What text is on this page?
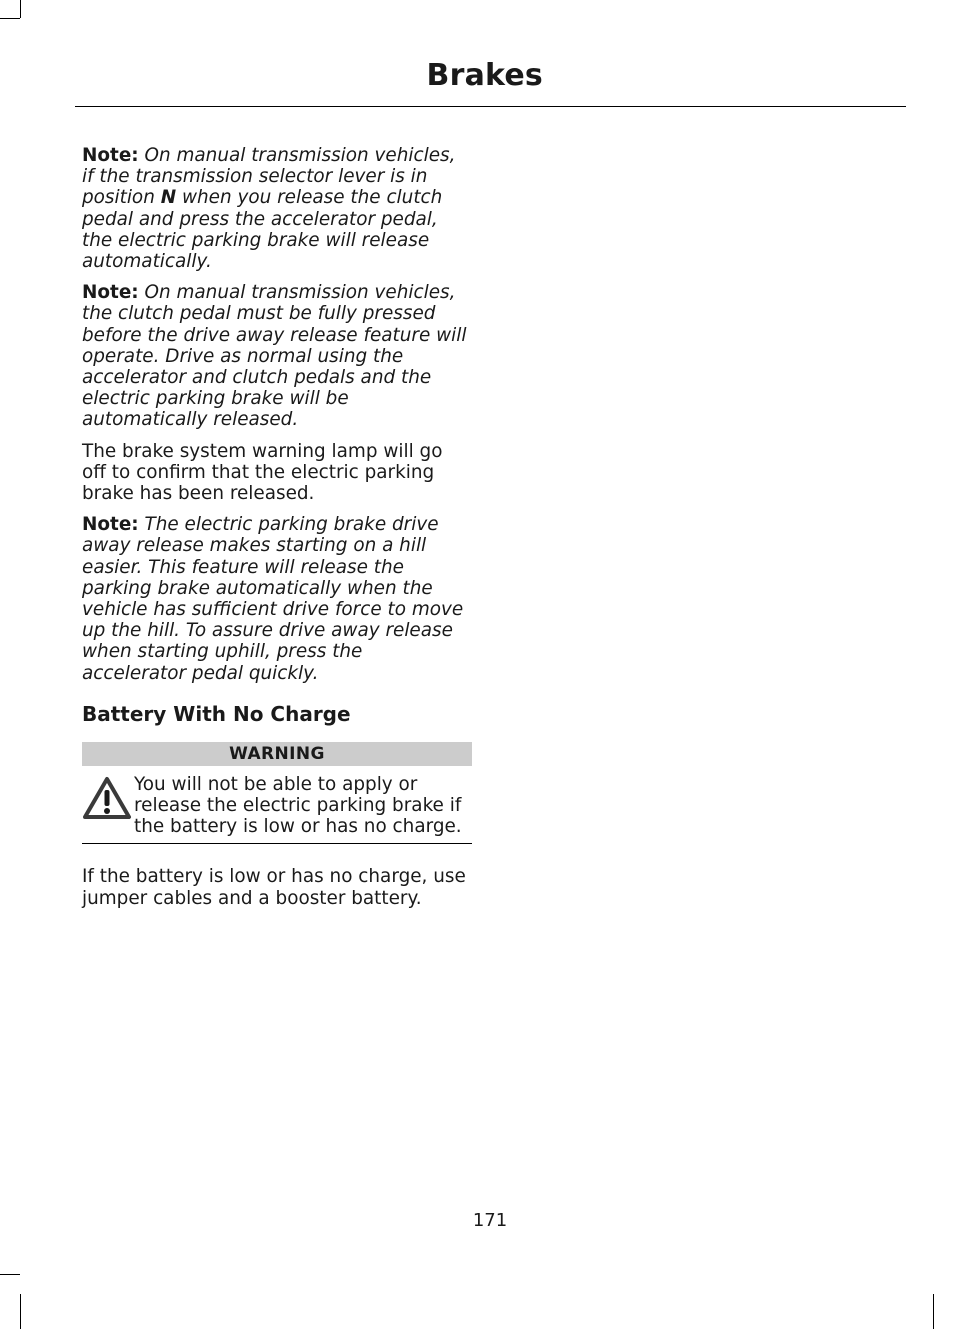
Brakes

Note: On manual transmission vehicles, if the transmission selector lever is in position N when you release the clutch pedal and press the accelerator pedal, the electric parking brake will release automatically.

Note: On manual transmission vehicles, the clutch pedal must be fully pressed before the drive away release feature will operate. Drive as normal using the accelerator and clutch pedals and the electric parking brake will be automatically released.

The brake system warning lamp will go off to confirm that the electric parking brake has been released.

Note: The electric parking brake drive away release makes starting on a hill easier. This feature will release the parking brake automatically when the vehicle has sufficient drive force to move up the hill. To assure drive away release when starting uphill, press the accelerator pedal quickly.

Battery With No Charge
WARNING
You will not be able to apply or release the electric parking brake if the battery is low or has no charge.

If the battery is low or has no charge, use jumper cables and a booster battery.

171
